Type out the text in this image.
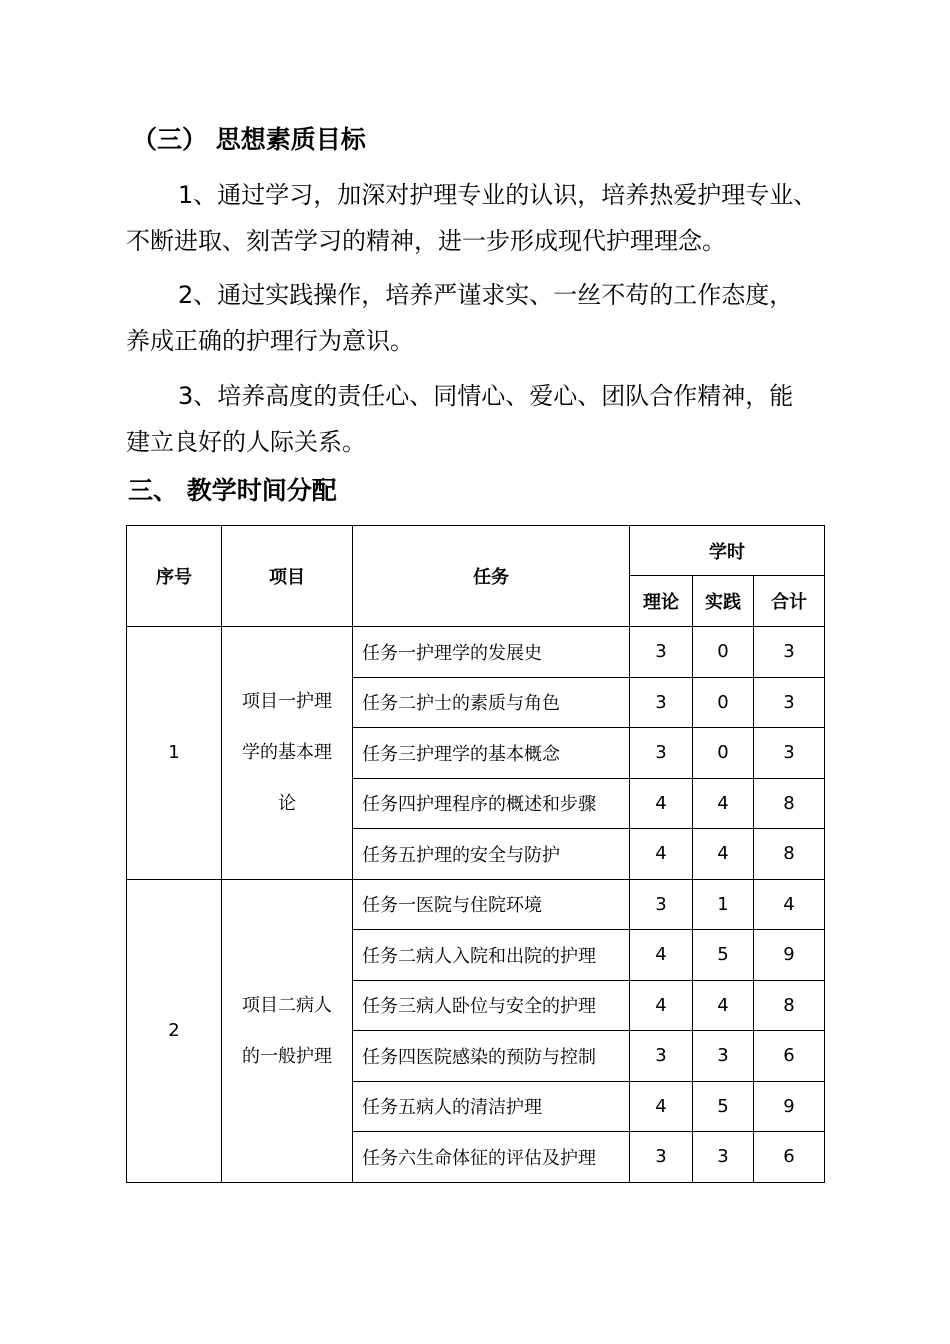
（三） 思想素质目标
1、通过学习，加深对护理专业的认识，培养热爱护理专业、
不断进取、刻苦学习的精神，进一步形成现代护理理念。
2、通过实践操作，培养严谨求实、一丝不苟的工作态度，
养成正确的护理行为意识。
3、培养高度的责任心、同情心、爱心、团队合作精神，能
建立良好的人际关系。
三、 教学时间分配
序号	项目	任务	学时		
			理论	实践	合计
1	项目一护理
学的基本理
论	任务一护理学的发展史	3	0	3
		任务二护士的素质与角色	3	0	3
		任务三护理学的基本概念	3	0	3
		任务四护理程序的概述和步骤	4	4	8
		任务五护理的安全与防护	4	4	8
2	项目二病人
的一般护理	任务一医院与住院环境	3	1	4
		任务二病人入院和出院的护理	4	5	9
		任务三病人卧位与安全的护理	4	4	8
		任务四医院感染的预防与控制	3	3	6
		任务五病人的清洁护理	4	5	9
		任务六生命体征的评估及护理	3	3	6
